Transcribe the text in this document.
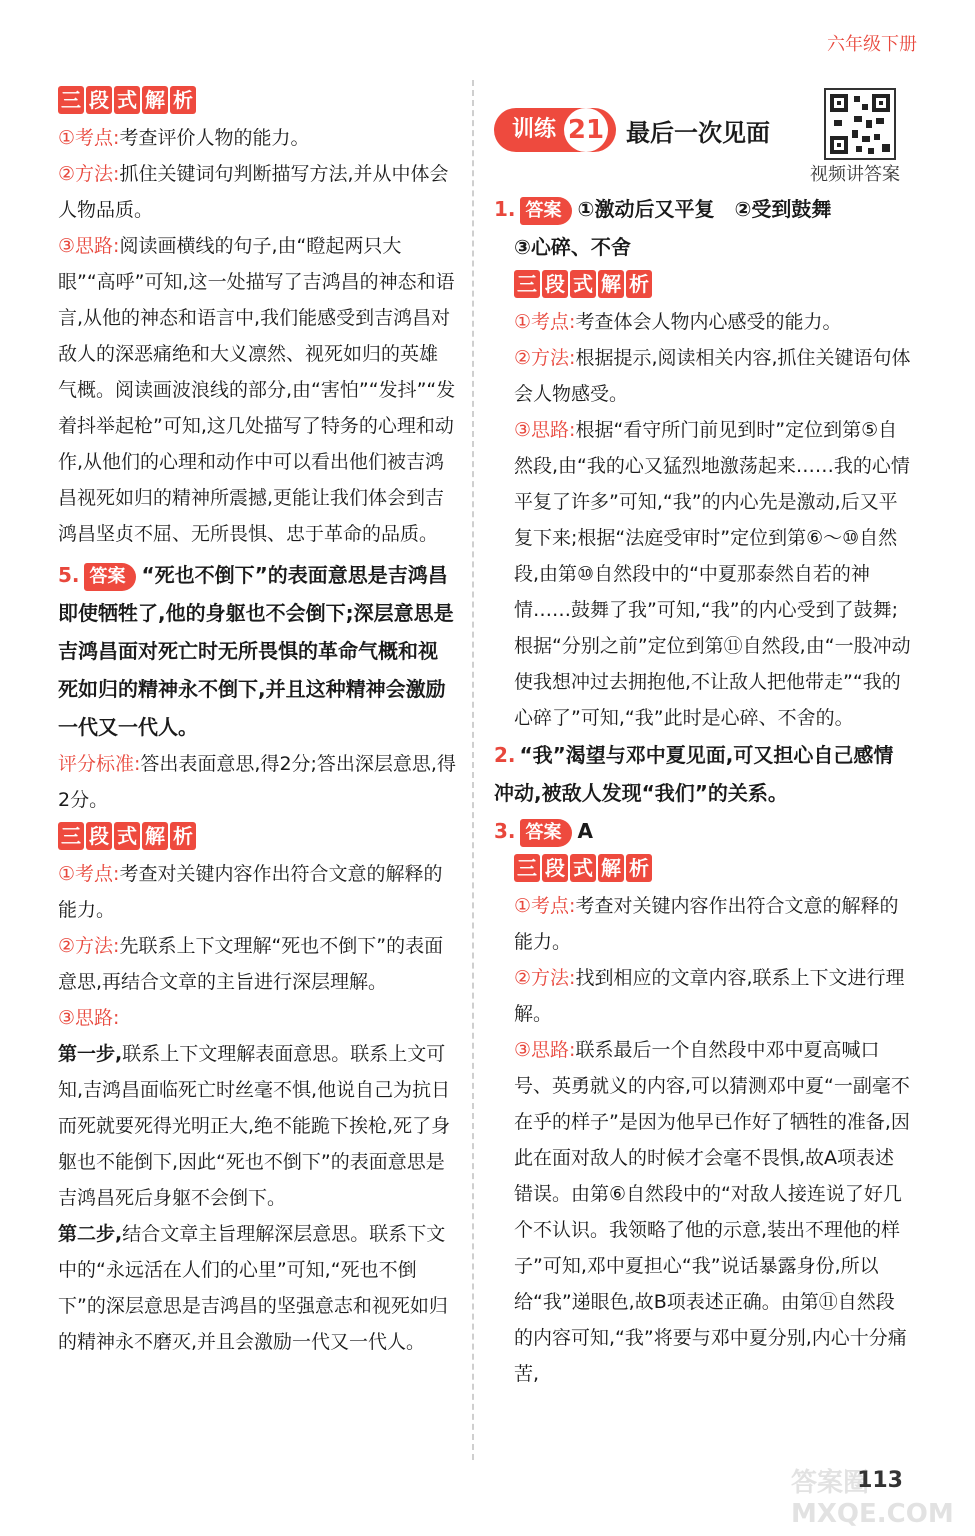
六年级下册
三 段 式 解 析

①考点:考查评价人物的能力。

②方法:抓住关键词句判断描写方法,并从中体会人物品质。

③思路:阅读画横线的句子,由“瞪起两只大眼”“高呼”可知,这一处描写了吉鸿昌的神态和语言,从他的神态和语言中,我们能感受到吉鸿昌对敌人的深恶痛绝和大义凛然、视死如归的英雄气概。阅读画波浪线的部分,由“害怕”“发抖”“发着抖举起枪”可知,这几处描写了特务的心理和动作,从他们的心理和动作中可以看出他们被吉鸿昌视死如归的精神所震撼,更能让我们体会到吉鸿昌坚贞不屈、无所畏惧、忠于革命的品质。

5. 答案 “死也不倒下”的表面意思是吉鸿昌即使牺牲了,他的身躯也不会倒下;深层意思是吉鸿昌面对死亡时无所畏惧的革命气概和视死如归的精神永不倒下,并且这种精神会激励一代又一代人。

评分标准:答出表面意思,得2分;答出深层意思,得2分。

三 段 式 解 析

①考点:考查对关键内容作出符合文意的解释的能力。

②方法:先联系上下文理解“死也不倒下”的表面意思,再结合文章的主旨进行深层理解。

③思路:

第一步,联系上下文理解表面意思。联系上文可知,吉鸿昌面临死亡时丝毫不惧,他说自己为抗日而死就要死得光明正大,绝不能跪下挨枪,死了身躯也不能倒下,因此“死也不倒下”的表面意思是吉鸿昌死后身躯不会倒下。

第二步,结合文章主旨理解深层意思。联系下文中的“永远活在人们的心里”可知,“死也不倒下”的深层意思是吉鸿昌的坚强意志和视死如归的精神永不磨灭,并且会激励一代又一代人。

训练 21 最后一次见面
视频讲答案

1. 答案 ①激动后又平复　②受到鼓舞

③心碎、不舍

三 段 式 解 析

①考点:考查体会人物内心感受的能力。

②方法:根据提示,阅读相关内容,抓住关键语句体会人物感受。

③思路:根据“看守所门前见到时”定位到第⑤自然段,由“我的心又猛烈地激荡起来……我的心情平复了许多”可知,“我”的内心先是激动,后又平复下来;根据“法庭受审时”定位到第⑥～⑩自然段,由第⑩自然段中的“中夏那泰然自若的神情……鼓舞了我”可知,“我”的内心受到了鼓舞;根据“分别之前”定位到第⑪自然段,由“一股冲动使我想冲过去拥抱他,不让敌人把他带走”“我的心碎了”可知,“我”此时是心碎、不舍的。

2. “我”渴望与邓中夏见面,可又担心自己感情冲动,被敌人发现“我们”的关系。

3. 答案 A

三 段 式 解 析

①考点:考查对关键内容作出符合文意的解释的能力。

②方法:找到相应的文章内容,联系上下文进行理解。

③思路:联系最后一个自然段中邓中夏高喊口号、英勇就义的内容,可以猜测邓中夏“一副毫不在乎的样子”是因为他早已作好了牺牲的准备,因此在面对敌人的时候才会毫不畏惧,故A项表述错误。由第⑥自然段中的“对敌人接连说了好几个不认识。我领略了他的示意,装出不理他的样子”可知,邓中夏担心“我”说话暴露身份,所以给“我”递眼色,故B项表述正确。由第⑪自然段的内容可知,“我”将要与邓中夏分别,内心十分痛苦,

答案圈 MXQE.COM
113
